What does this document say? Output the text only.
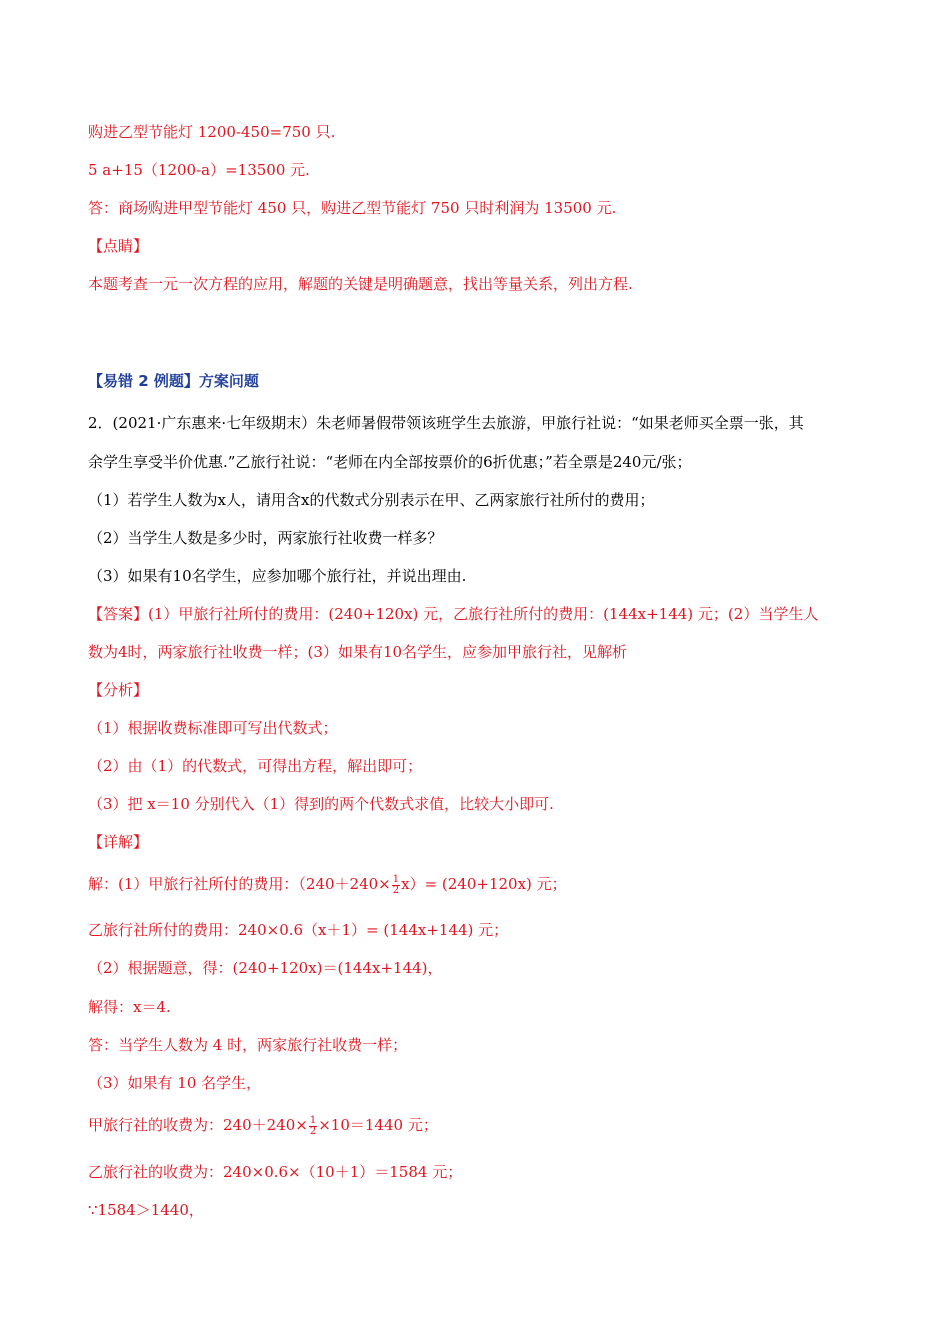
购进乙型节能灯 1200-450=750 只.
5 a+15（1200-a）=13500 元.
答：商场购进甲型节能灯 450 只，购进乙型节能灯 750 只时利润为 13500 元.
【点睛】
本题考查一元一次方程的应用，解题的关键是明确题意，找出等量关系，列出方程.
【易错 2 例题】方案问题
2．(2021·广东惠来·七年级期末）朱老师暑假带领该班学生去旅游，甲旅行社说：“如果老师买全票一张，其
余学生享受半价优惠.”乙旅行社说：“老师在内全部按票价的6折优惠；”若全票是240元/张；
（1）若学生人数为x人，请用含x的代数式分别表示在甲、乙两家旅行社所付的费用；
（2）当学生人数是多少时，两家旅行社收费一样多？
（3）如果有10名学生，应参加哪个旅行社，并说出理由.
【答案】(1）甲旅行社所付的费用：(240+120x) 元，乙旅行社所付的费用：(144x+144) 元；(2）当学生人
数为4时，两家旅行社收费一样；(3）如果有10名学生，应参加甲旅行社，见解析
【分析】
（1）根据收费标准即可写出代数式；
（2）由（1）的代数式，可得出方程，解出即可；
（3）把 x＝10 分别代入（1）得到的两个代数式求值，比较大小即可.
【详解】
解：(1）甲旅行社所付的费用：$(240+240\times \frac{1}{2} x)= (240+120x)$ 元；
乙旅行社所付的费用：240×0.6（x＋1）= (144x+144) 元；
（2）根据题意，得：(240+120x)＝(144x+144)，
解得：x＝4.
答：当学生人数为 4 时，两家旅行社收费一样；
（3）如果有 10 名学生，
甲旅行社的收费为：$240+240\times \frac{1}{2} \times 10=1440$ 元；
乙旅行社的收费为：240×0.6×（10＋1）＝1584 元；
∵1584＞1440，
